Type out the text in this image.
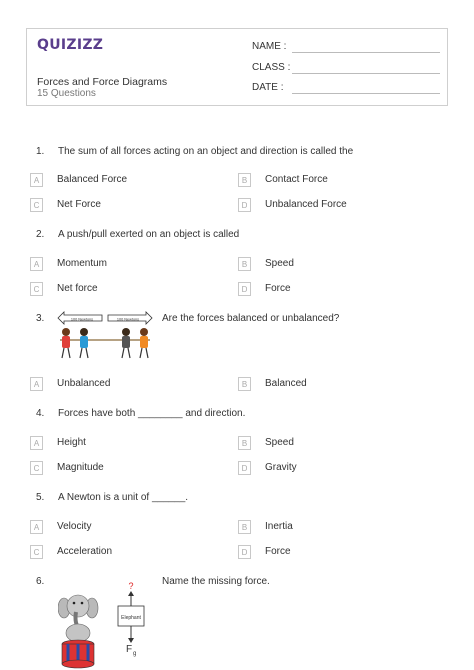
QUIZIZZ
Forces and Force Diagrams
15 Questions
NAME :
CLASS :
DATE :
1. The sum of all forces acting on an object and direction is called the
A	Balanced Force	B	Contact Force
C	Net Force	D	Unbalanced Force
2. A push/pull exerted on an object is called
A	Momentum	B	Speed
C	Net force	D	Force
3.	Are the forces balanced or unbalanced?
100 Newtons	100 Newtons
A	Unbalanced	B	Balanced
4. Forces have both ________ and direction.
A	Height	B	Speed
C	Magnitude	D	Gravity
5. A Newton is a unit of ______.
A	Velocity	B	Inertia
C	Acceleration	D	Force
6.	Name the missing force.
?
Elephant
F g
